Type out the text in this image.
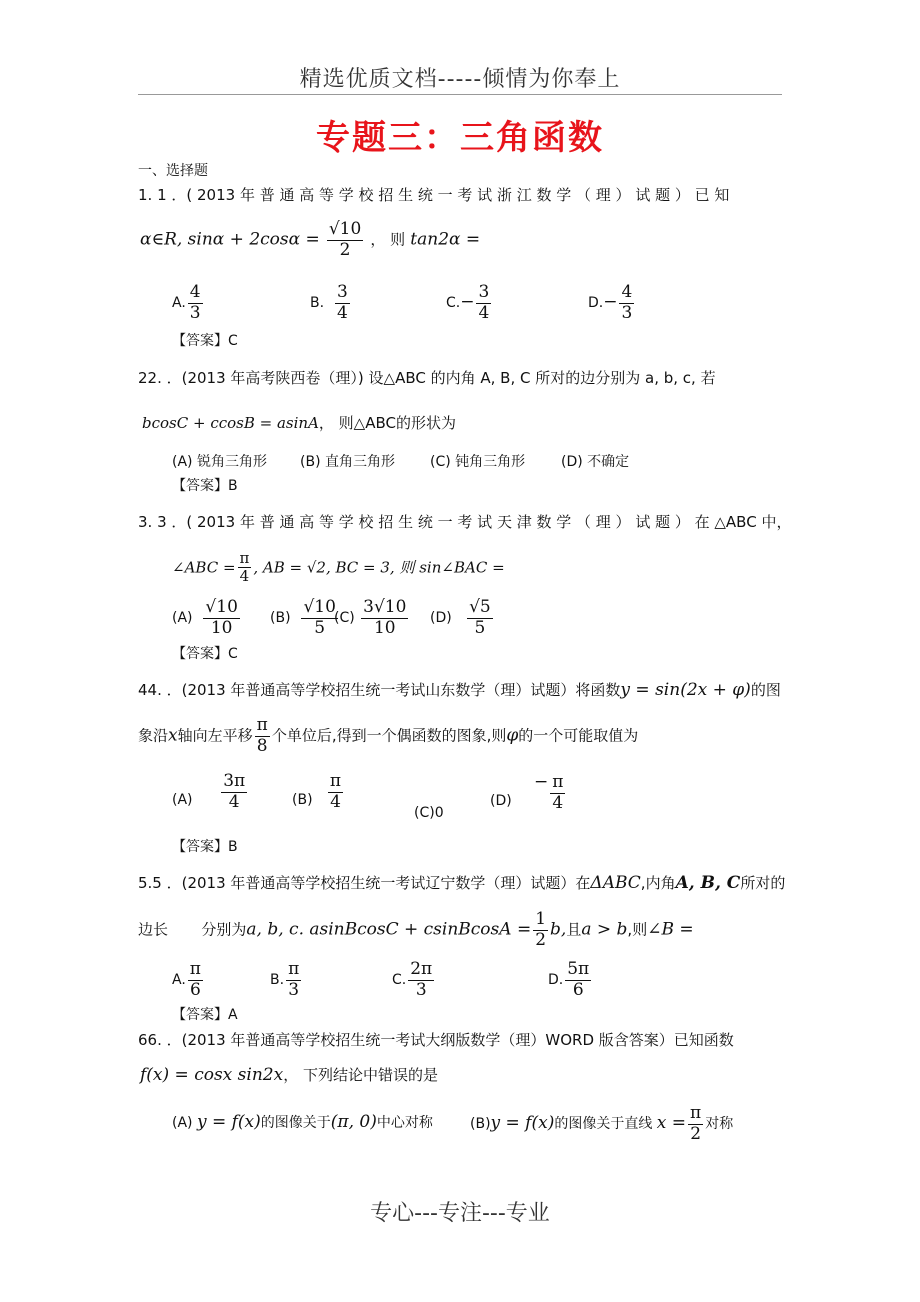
精选优质文档-----倾情为你奉上
专题三：三角函数
一、选择题
1. 1 ．( 2013 年 普 通 高 等 学 校 招 生 统 一 考 试 浙 江 数 学 （ 理 ） 试 题 ） 已 知
α∈R, $\sin\alpha + 2\cos\alpha = \frac{√10}{2}$ ， 则 tan2α =
A. $\frac{4}{3}$	B. $\frac{3}{4}$	$C.- \frac{3}{4}$	$D.- \frac{4}{3}$
【答案】C
22. ．(2013 年高考陕西卷（理）) 设△ABC 的内角 A, B, C 所对的边分别为 a, b, c, 若
bcosC + ccosB = asinA， 则△ABC的形状为
(A) 锐角三角形 (B) 直角三角形	(C) 钝角三角形	(D) 不确定
【答案】B
3. 3 ．( 2013 年 普 通 高 等 学 校 招 生 统 一 考 试 天 津 数 学 （ 理 ） 试 题 ） 在 △ABC 中，
∠ABC = $\frac{\pi}{4}$ , AB = √2, BC = 3, 则 sin∠BAC =
$(A) \frac{√10}{10} (B) \frac{√10}{5}$
$(C) \frac{3√10}{10} (D) \frac{√5}{5}$
【答案】C
44. ．(2013 年普通高等学校招生统一考试山东数学（理）试题）将函数y = sin(2x + φ)的图
象沿x轴向左平移 $\frac{\pi}{8}$ 个单位后,得到一个偶函数的图象,则φ的一个可能取值为
$(A) \frac{3\pi}{4}$	$(B) \frac{\pi}{4}$
(C)0
(D)     − $\frac{\pi}{4}$
【答案】B
5.5 ．(2013 年普通高等学校招生统一考试辽宁数学（理）试题）在ΔABC,内角A, B, C所对的
边长 分别为a, b, c. asinBcosC + csinBcosA = $\frac{1}{2} b$,且a > b,则∠B =
A. $\frac{\pi}{6}$	B. $\frac{\pi}{3}$	C. $\frac{2\pi}{3}$	D. $\frac{5\pi}{6}$
【答案】A
66. ．(2013 年普通高等学校招生统一考试大纲版数学（理）WORD 版含答案）已知函数
f(x) = cosx sin2x， 下列结论中错误的是
(A) y = f(x)的图像关于(π, 0)中心对称	(B)y = f(x)的图像关于直线 $x = \frac{\pi}{2}$ 对称
专心---专注---专业
